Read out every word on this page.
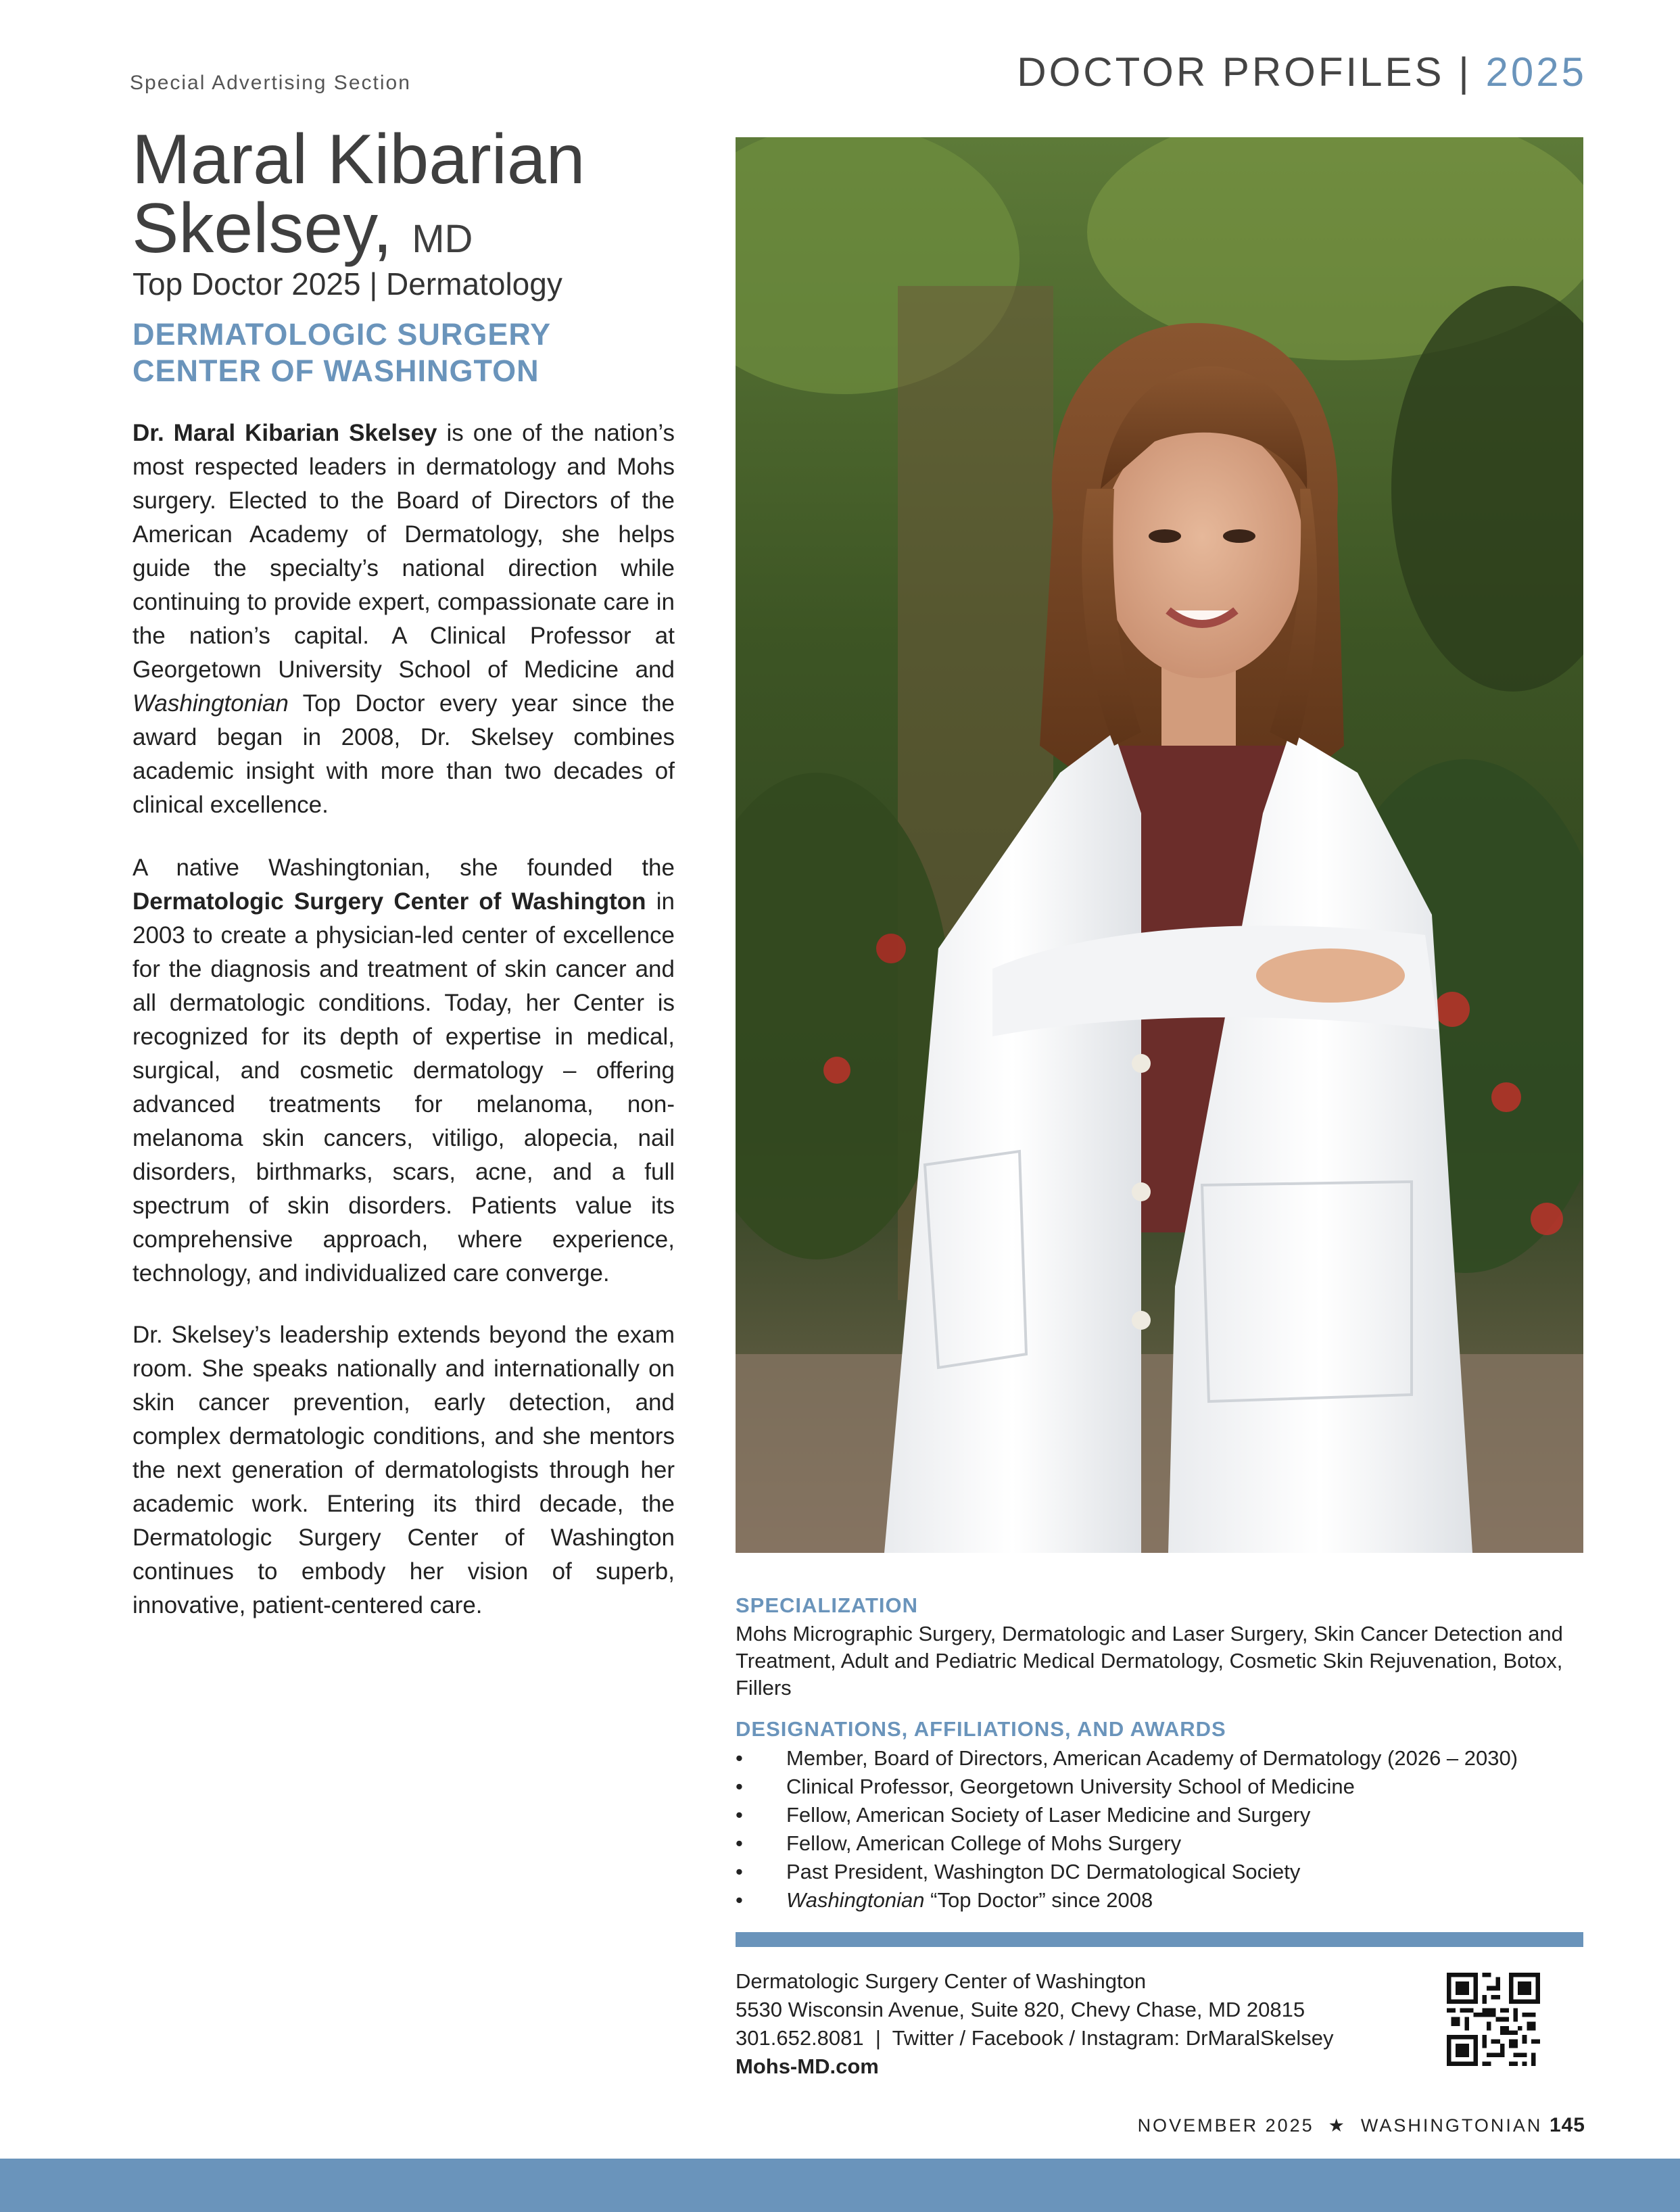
Special Advertising Section	DOCTOR PROFILES | 2025
Maral Kibarian
Skelsey, MD
Top Doctor 2025 | Dermatology
DERMATOLOGIC SURGERY
CENTER OF WASHINGTON

Dr. Maral Kibarian Skelsey is one of the nation’s most respected leaders in dermatology and Mohs surgery. Elected to the Board of Directors of the American Academy of Dermatology, she helps guide the specialty’s national direction while continuing to provide expert, compassionate care in the nation’s capital. A Clinical Professor at Georgetown University School of Medicine and Washingtonian Top Doctor every year since the award began in 2008, Dr. Skelsey combines academic insight with more than two decades of clinical excellence.

A native Washingtonian, she founded the Dermatologic Surgery Center of Washington in 2003 to create a physician-led center of excellence for the diagnosis and treatment of skin cancer and all dermatologic conditions. Today, her Center is recognized for its depth of expertise in medical, surgical, and cosmetic dermatology – offering advanced treatments for melanoma, non-melanoma skin cancers, vitiligo, alopecia, nail disorders, birthmarks, scars, acne, and a full spectrum of skin disorders. Patients value its comprehensive approach, where experience, technology, and individualized care converge.

Dr. Skelsey’s leadership extends beyond the exam room. She speaks nationally and internationally on skin cancer prevention, early detection, and complex dermatologic conditions, and she mentors the next generation of dermatologists through her academic work. Entering its third decade, the Dermatologic Surgery Center of Washington continues to embody her vision of superb, innovative, patient-centered care.	SPECIALIZATION
Mohs Micrographic Surgery, Dermatologic and Laser Surgery, Skin Cancer Detection and Treatment, Adult and Pediatric Medical Dermatology, Cosmetic Skin Rejuvenation, Botox, Fillers
DESIGNATIONS, AFFILIATIONS, AND AWARDS
• Member, Board of Directors, American Academy of Dermatology (2026 – 2030)
• Clinical Professor, Georgetown University School of Medicine
• Fellow, American Society of Laser Medicine and Surgery
• Fellow, American College of Mohs Surgery
• Past President, Washington DC Dermatological Society
• Washingtonian “Top Doctor” since 2008
Dermatologic Surgery Center of Washington
5530 Wisconsin Avenue, Suite 820, Chevy Chase, MD 20815
301.652.8081  |  Twitter / Facebook / Instagram: DrMaralSkelsey
Mohs-MD.com
NOVEMBER 2025 ★ WASHINGTONIAN 145
